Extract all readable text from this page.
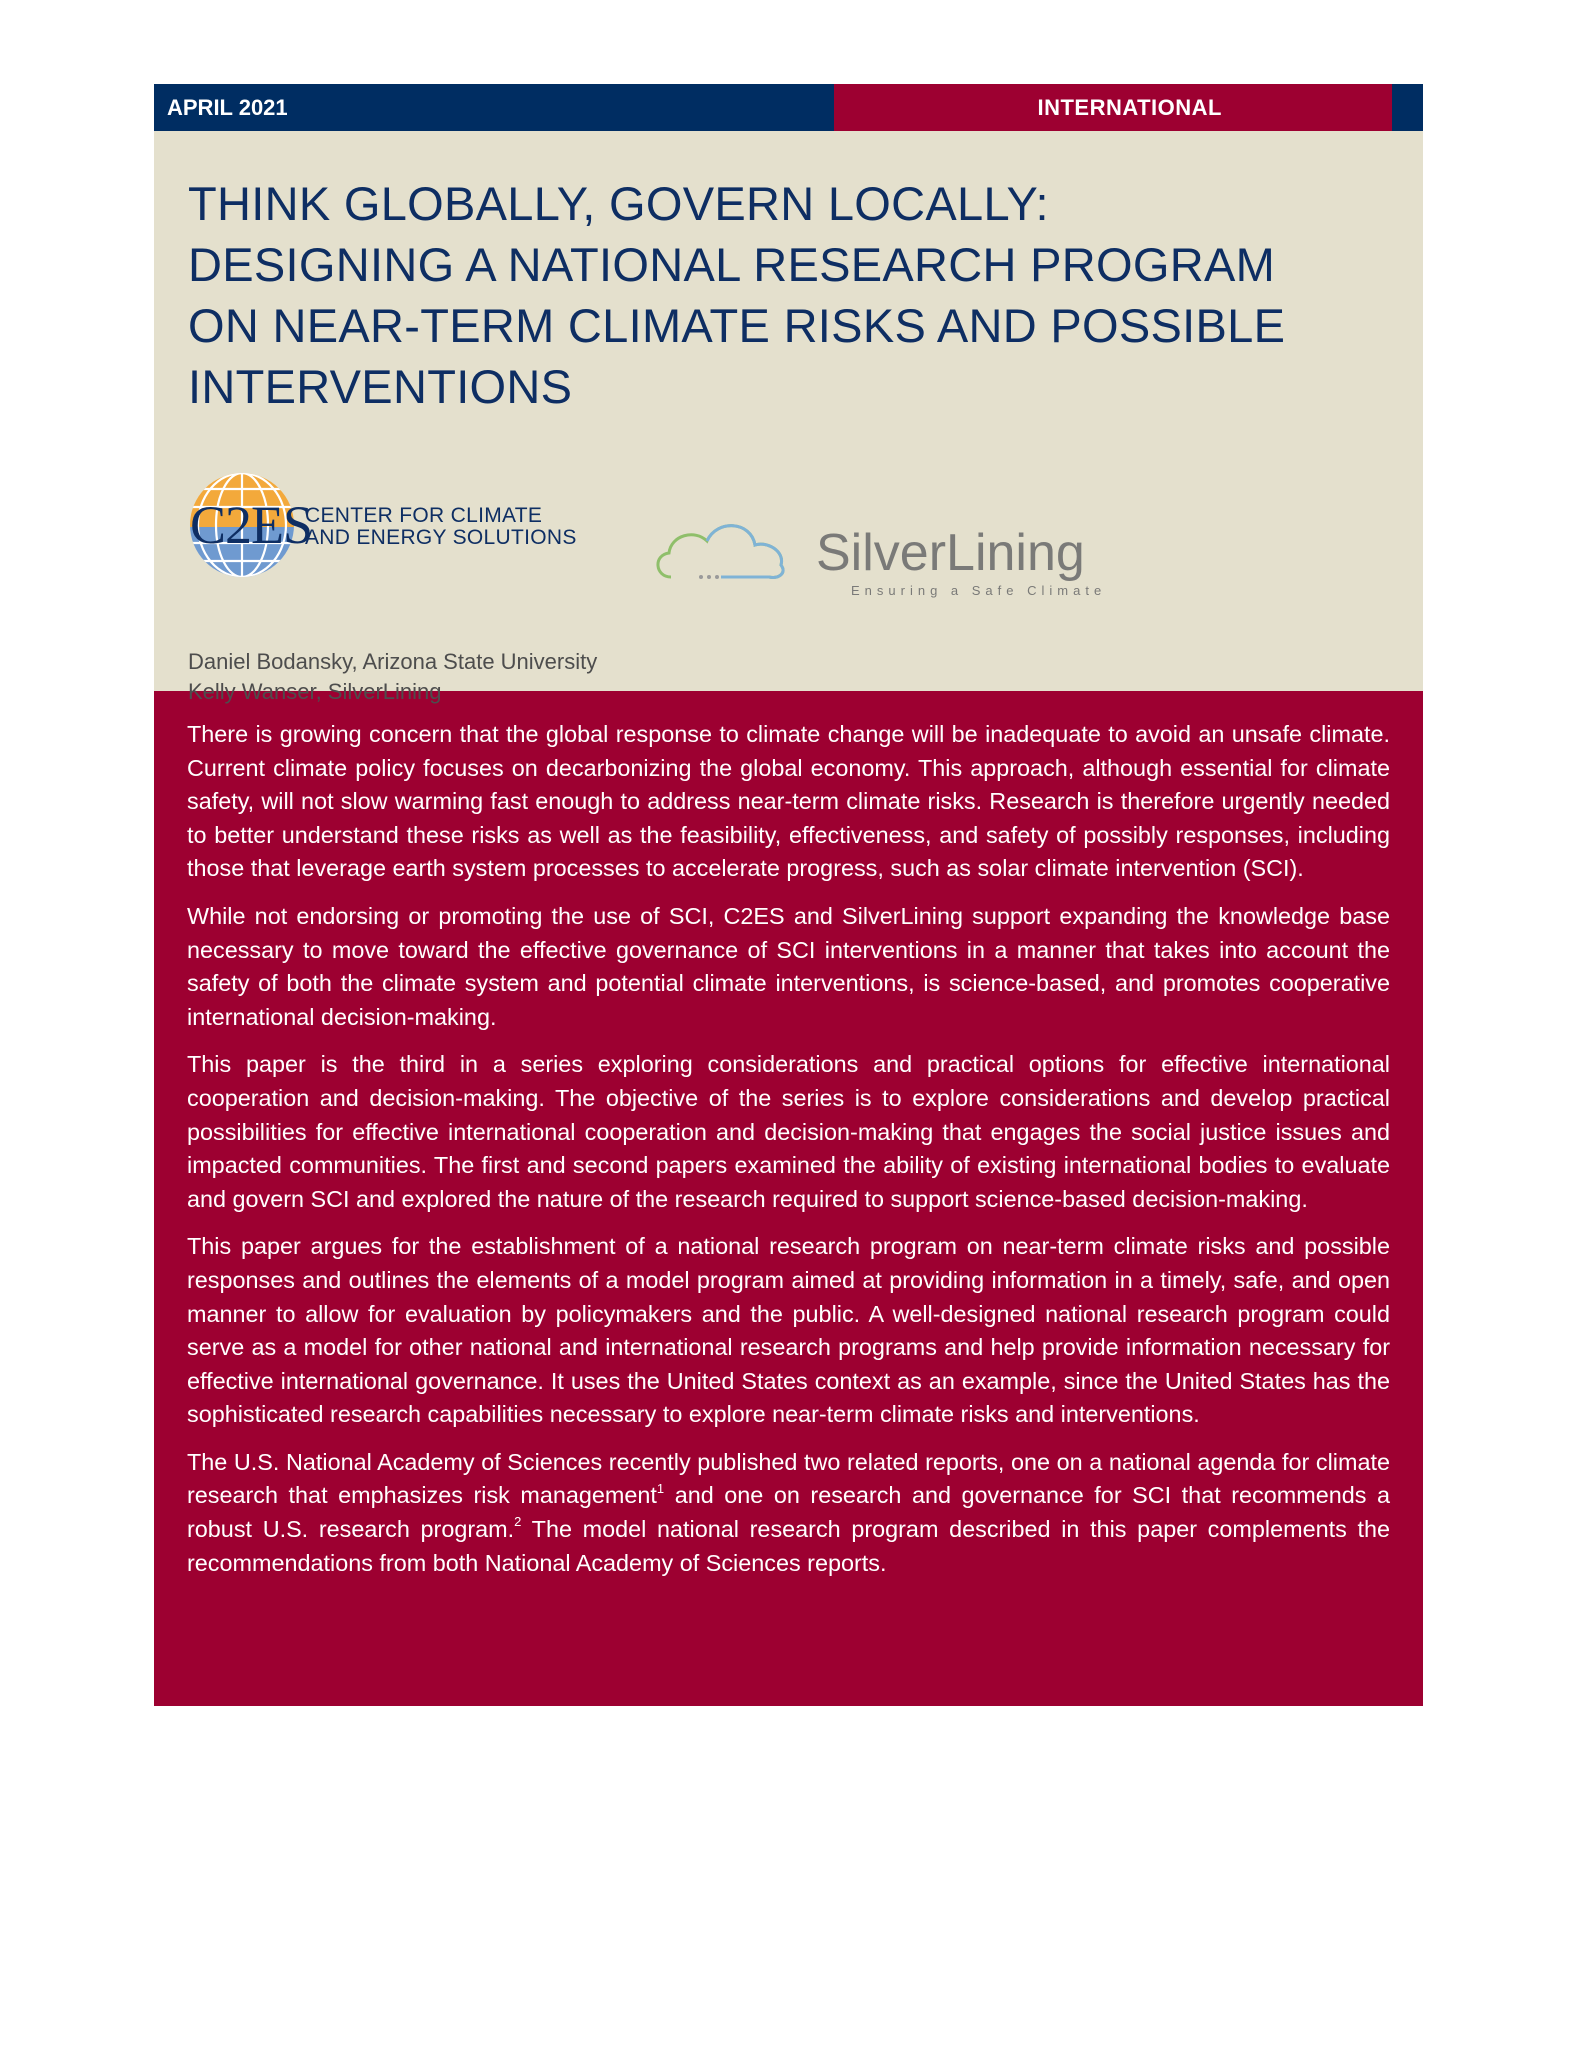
APRIL 2021	INTERNATIONAL
THINK GLOBALLY, GOVERN LOCALLY:
DESIGNING A NATIONAL RESEARCH PROGRAM
ON NEAR-TERM CLIMATE RISKS AND POSSIBLE
INTERVENTIONS
C2ES
CENTER FOR CLIMATE
AND ENERGY SOLUTIONS	SilverLining
Ensuring a Safe Climate
Daniel Bodansky, Arizona State University
Kelly Wanser, SilverLining

There is growing concern that the global response to climate change will be inadequate to avoid an unsafe climate. Current climate policy focuses on decarbonizing the global economy. This approach, although essential for climate safety, will not slow warming fast enough to address near-term climate risks. Research is therefore urgently needed to better understand these risks as well as the feasibility, effectiveness, and safety of possibly responses, including those that leverage earth system processes to accelerate progress, such as solar climate intervention (SCI).

While not endorsing or promoting the use of SCI, C2ES and SilverLining support expanding the knowledge base necessary to move toward the effective governance of SCI interventions in a manner that takes into account the safety of both the climate system and potential climate interventions, is science-based, and promotes cooperative international decision-making.

This paper is the third in a series exploring considerations and practical options for effective international cooperation and decision-making. The objective of the series is to explore considerations and develop practical possibilities for effective international cooperation and decision-making that engages the social justice issues and impacted communities. The first and second papers examined the ability of existing international bodies to evaluate and govern SCI and explored the nature of the research required to support science-based decision-making.

This paper argues for the establishment of a national research program on near-term climate risks and possible responses and outlines the elements of a model program aimed at providing information in a timely, safe, and open manner to allow for evaluation by policymakers and the public. A well-designed national research program could serve as a model for other national and international research programs and help provide information necessary for effective international governance. It uses the United States context as an example, since the United States has the sophisticated research capabilities necessary to explore near-term climate risks and interventions.

The U.S. National Academy of Sciences recently published two related reports, one on a national agenda for climate research that emphasizes risk management$^1$ and one on research and governance for SCI that recommends a robust U.S. research program.$^2$ The model national research program described in this paper complements the recommendations from both National Academy of Sciences reports.
